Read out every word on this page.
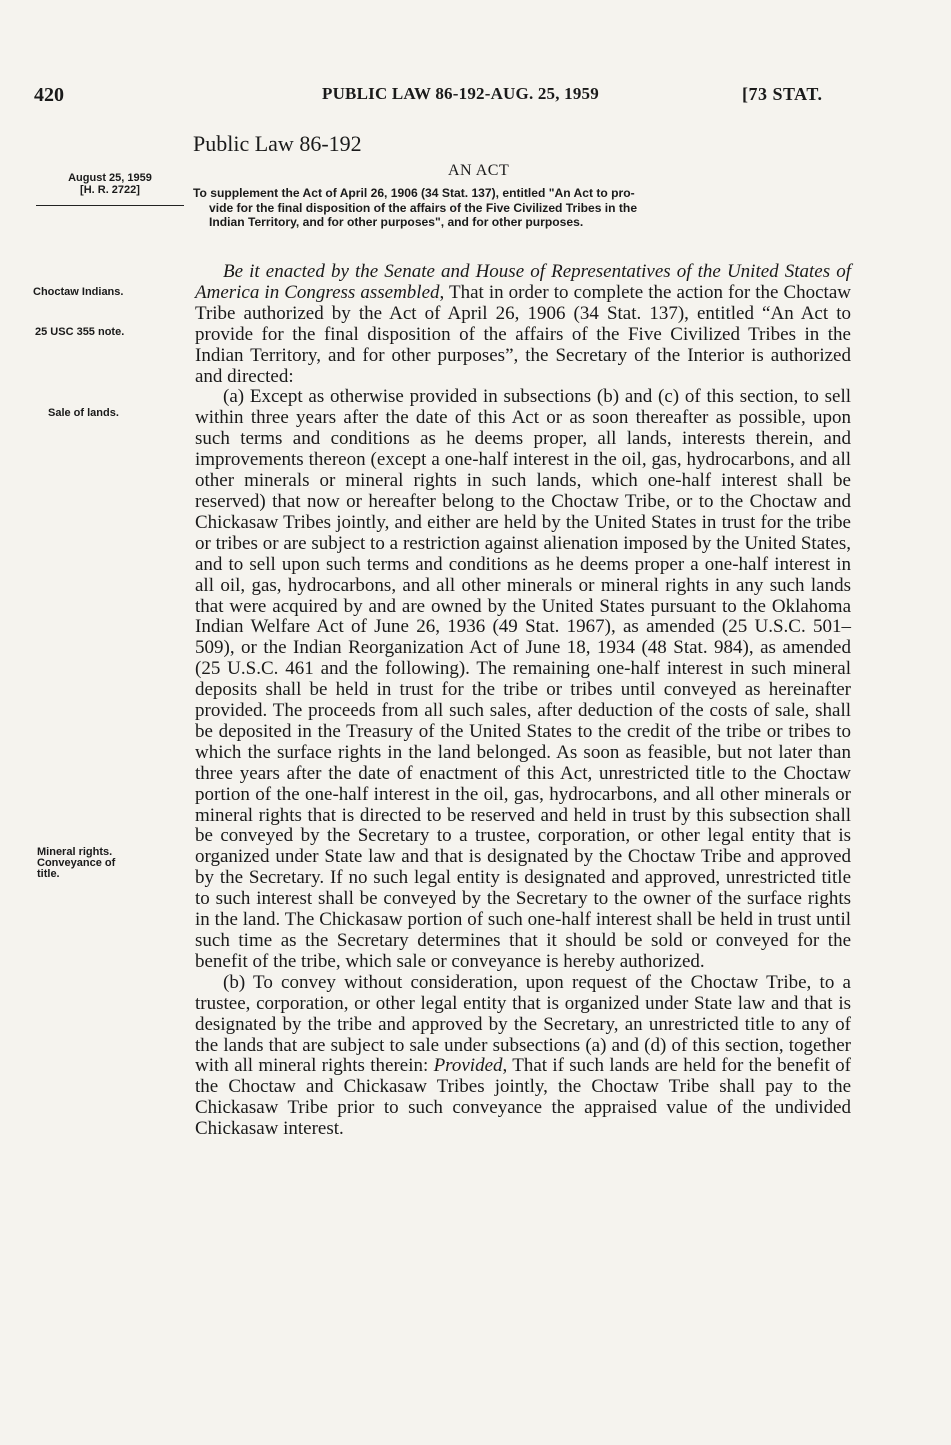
420	PUBLIC LAW 86-192-AUG. 25, 1959	[73 STAT.
Public Law 86-192
AN ACT
August 25, 1959
[H. R. 2722]	To supplement the Act of April 26, 1906 (34 Stat. 137), entitled "An Act to pro-

vide for the final disposition of the affairs of the Five Civilized Tribes in the

Indian Territory, and for other purposes", and for other purposes.

Choctaw Indians.
25 USC 355 note.
Sale of lands.
Mineral rights.
Conveyance of
title.

Be it enacted by the Senate and House of Representatives of the United States of America in Congress assembled, That in order to complete the action for the Choctaw Tribe authorized by the Act of April 26, 1906 (34 Stat. 137), entitled “An Act to provide for the final disposition of the affairs of the Five Civilized Tribes in the Indian Territory, and for other purposes”, the Secretary of the Interior is authorized and directed:

(a) Except as otherwise provided in subsections (b) and (c) of this section, to sell within three years after the date of this Act or as soon thereafter as possible, upon such terms and conditions as he deems proper, all lands, interests therein, and improvements thereon (except a one-half interest in the oil, gas, hydrocarbons, and all other minerals or mineral rights in such lands, which one-half interest shall be reserved) that now or hereafter belong to the Choctaw Tribe, or to the Choctaw and Chickasaw Tribes jointly, and either are held by the United States in trust for the tribe or tribes or are subject to a restriction against alienation imposed by the United States, and to sell upon such terms and conditions as he deems proper a one-half interest in all oil, gas, hydrocarbons, and all other minerals or mineral rights in any such lands that were acquired by and are owned by the United States pursuant to the Oklahoma Indian Welfare Act of June 26, 1936 (49 Stat. 1967), as amended (25 U.S.C. 501–509), or the Indian Reorganization Act of June 18, 1934 (48 Stat. 984), as amended (25 U.S.C. 461 and the following). The remaining one-half interest in such mineral deposits shall be held in trust for the tribe or tribes until conveyed as hereinafter provided. The proceeds from all such sales, after deduction of the costs of sale, shall be deposited in the Treasury of the United States to the credit of the tribe or tribes to which the surface rights in the land belonged. As soon as feasible, but not later than three years after the date of enactment of this Act, unrestricted title to the Choctaw portion of the one-half interest in the oil, gas, hydrocarbons, and all other minerals or mineral rights that is directed to be reserved and held in trust by this subsection shall be conveyed by the Secretary to a trustee, corporation, or other legal entity that is organized under State law and that is designated by the Choctaw Tribe and approved by the Secretary. If no such legal entity is designated and approved, unrestricted title to such interest shall be conveyed by the Secretary to the owner of the surface rights in the land. The Chickasaw portion of such one-half interest shall be held in trust until such time as the Secretary determines that it should be sold or conveyed for the benefit of the tribe, which sale or conveyance is hereby authorized.

(b) To convey without consideration, upon request of the Choctaw Tribe, to a trustee, corporation, or other legal entity that is organized under State law and that is designated by the tribe and approved by the Secretary, an unrestricted title to any of the lands that are subject to sale under subsections (a) and (d) of this section, together with all mineral rights therein: Provided, That if such lands are held for the benefit of the Choctaw and Chickasaw Tribes jointly, the Choctaw Tribe shall pay to the Chickasaw Tribe prior to such conveyance the appraised value of the undivided Chickasaw interest.
